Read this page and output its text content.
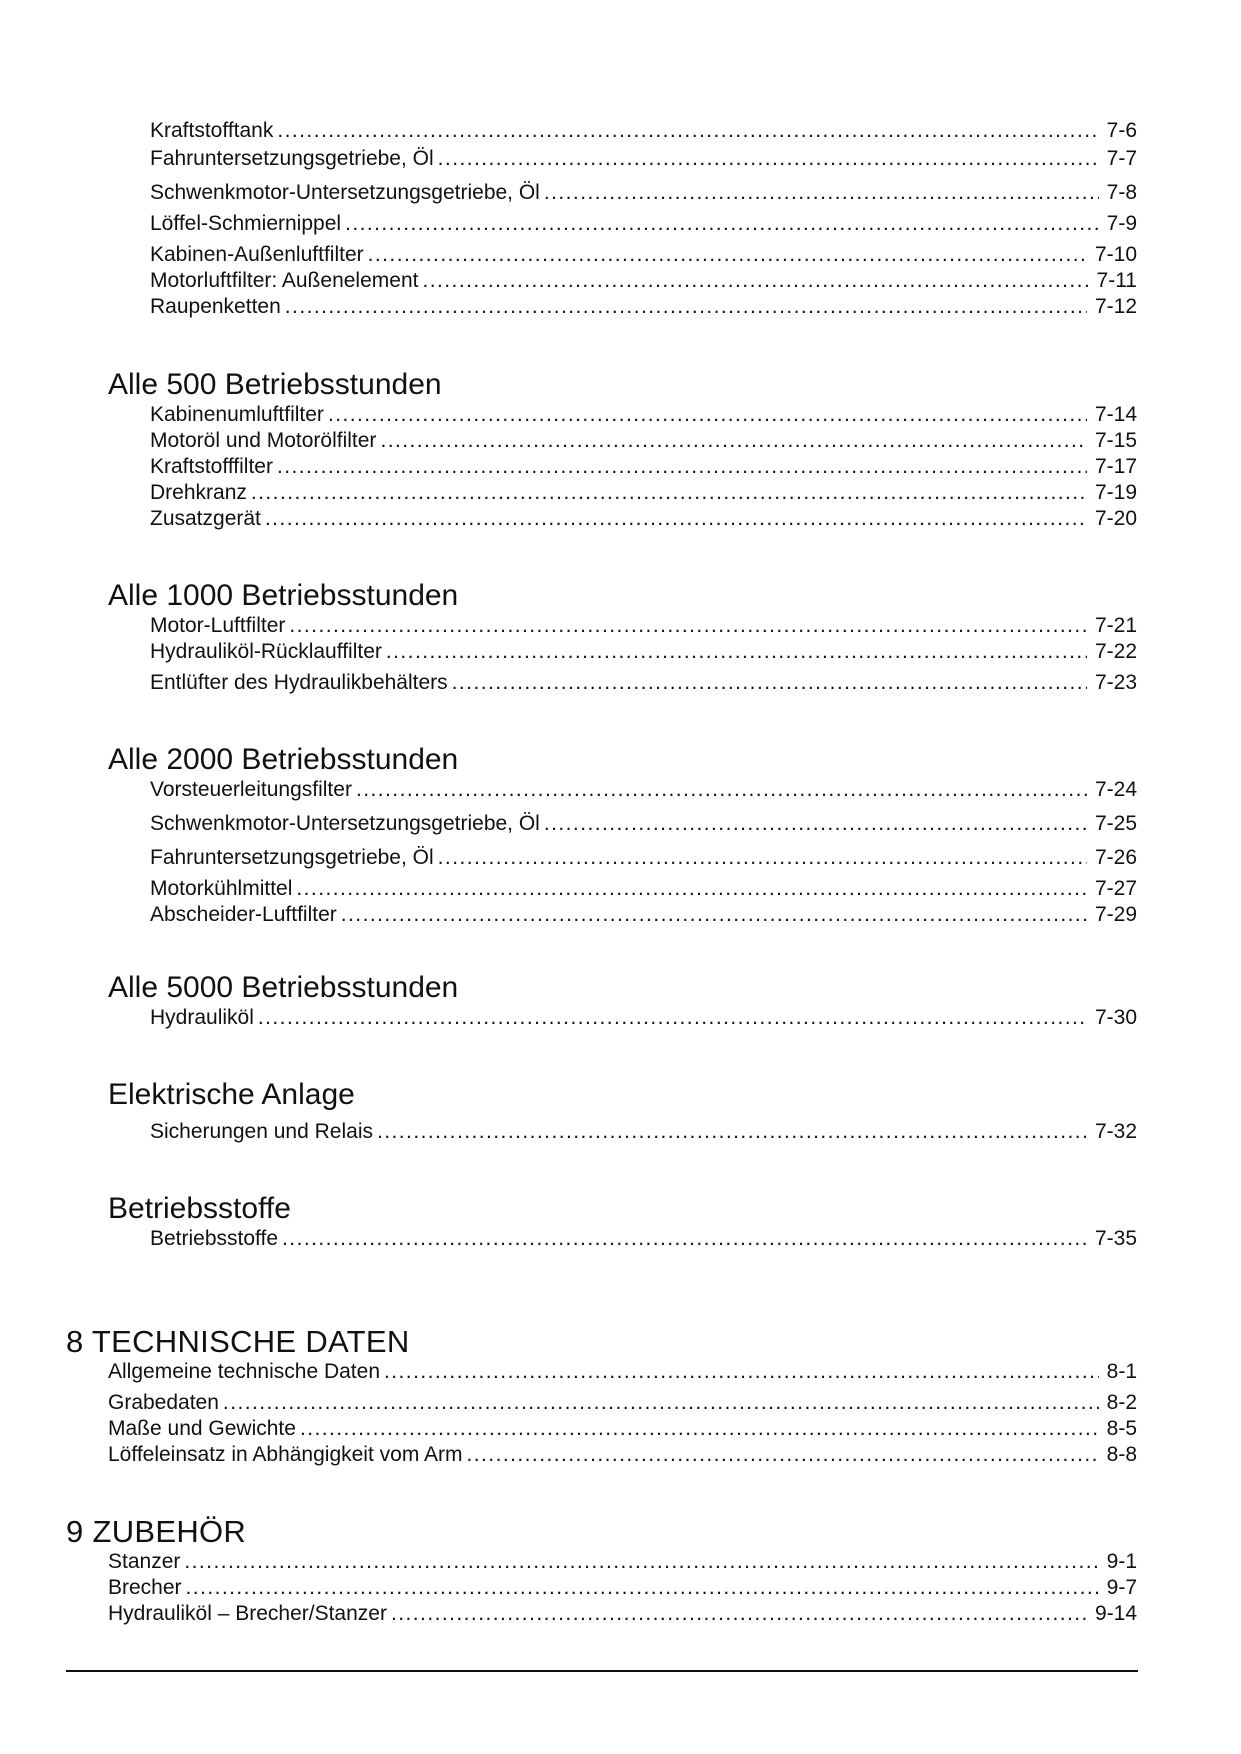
Kraftstofftank . . .	7-6
Fahruntersetzungsgetriebe, Öl . . .	7-7
Schwenkmotor-Untersetzungsgetriebe, Öl . . .	7-8
Löffel-Schmiernippel . . .	7-9
Kabinen-Außenluftfilter . . .	7-10
Motorluftfilter: Außenelement . . .	7-11
Raupenketten . . .	7-12
Alle 500 Betriebsstunden
Kabinenumluftfilter . . .	7-14
Motoröl und Motorölfilter . . .	7-15
Kraftstofffilter . . .	7-17
Drehkranz . . .	7-19
Zusatzgerät . . .	7-20
Alle 1000 Betriebsstunden
Motor-Luftfilter . . .	7-21
Hydrauliköl-Rücklauffilter . . .	7-22
Entlüfter des Hydraulikbehälters . . .	7-23
Alle 2000 Betriebsstunden
Vorsteuerleitungsfilter . . .	7-24
Schwenkmotor-Untersetzungsgetriebe, Öl . . .	7-25
Fahruntersetzungsgetriebe, Öl . . .	7-26
Motorkühlmittel . . .	7-27
Abscheider-Luftfilter . . .	7-29
Alle 5000 Betriebsstunden
Hydrauliköl . . .	7-30
Elektrische Anlage
Sicherungen und Relais . . .	7-32
Betriebsstoffe
Betriebsstoffe . . .	7-35
8 TECHNISCHE DATEN
Allgemeine technische Daten . . .	8-1
Grabedaten . . .	8-2
Maße und Gewichte . . .	8-5
Löffeleinsatz in Abhängigkeit vom Arm . . .	8-8
9 ZUBEHÖR
Stanzer . . .	9-1
Brecher . . .	9-7
Hydrauliköl – Brecher/Stanzer . . .	9-14
